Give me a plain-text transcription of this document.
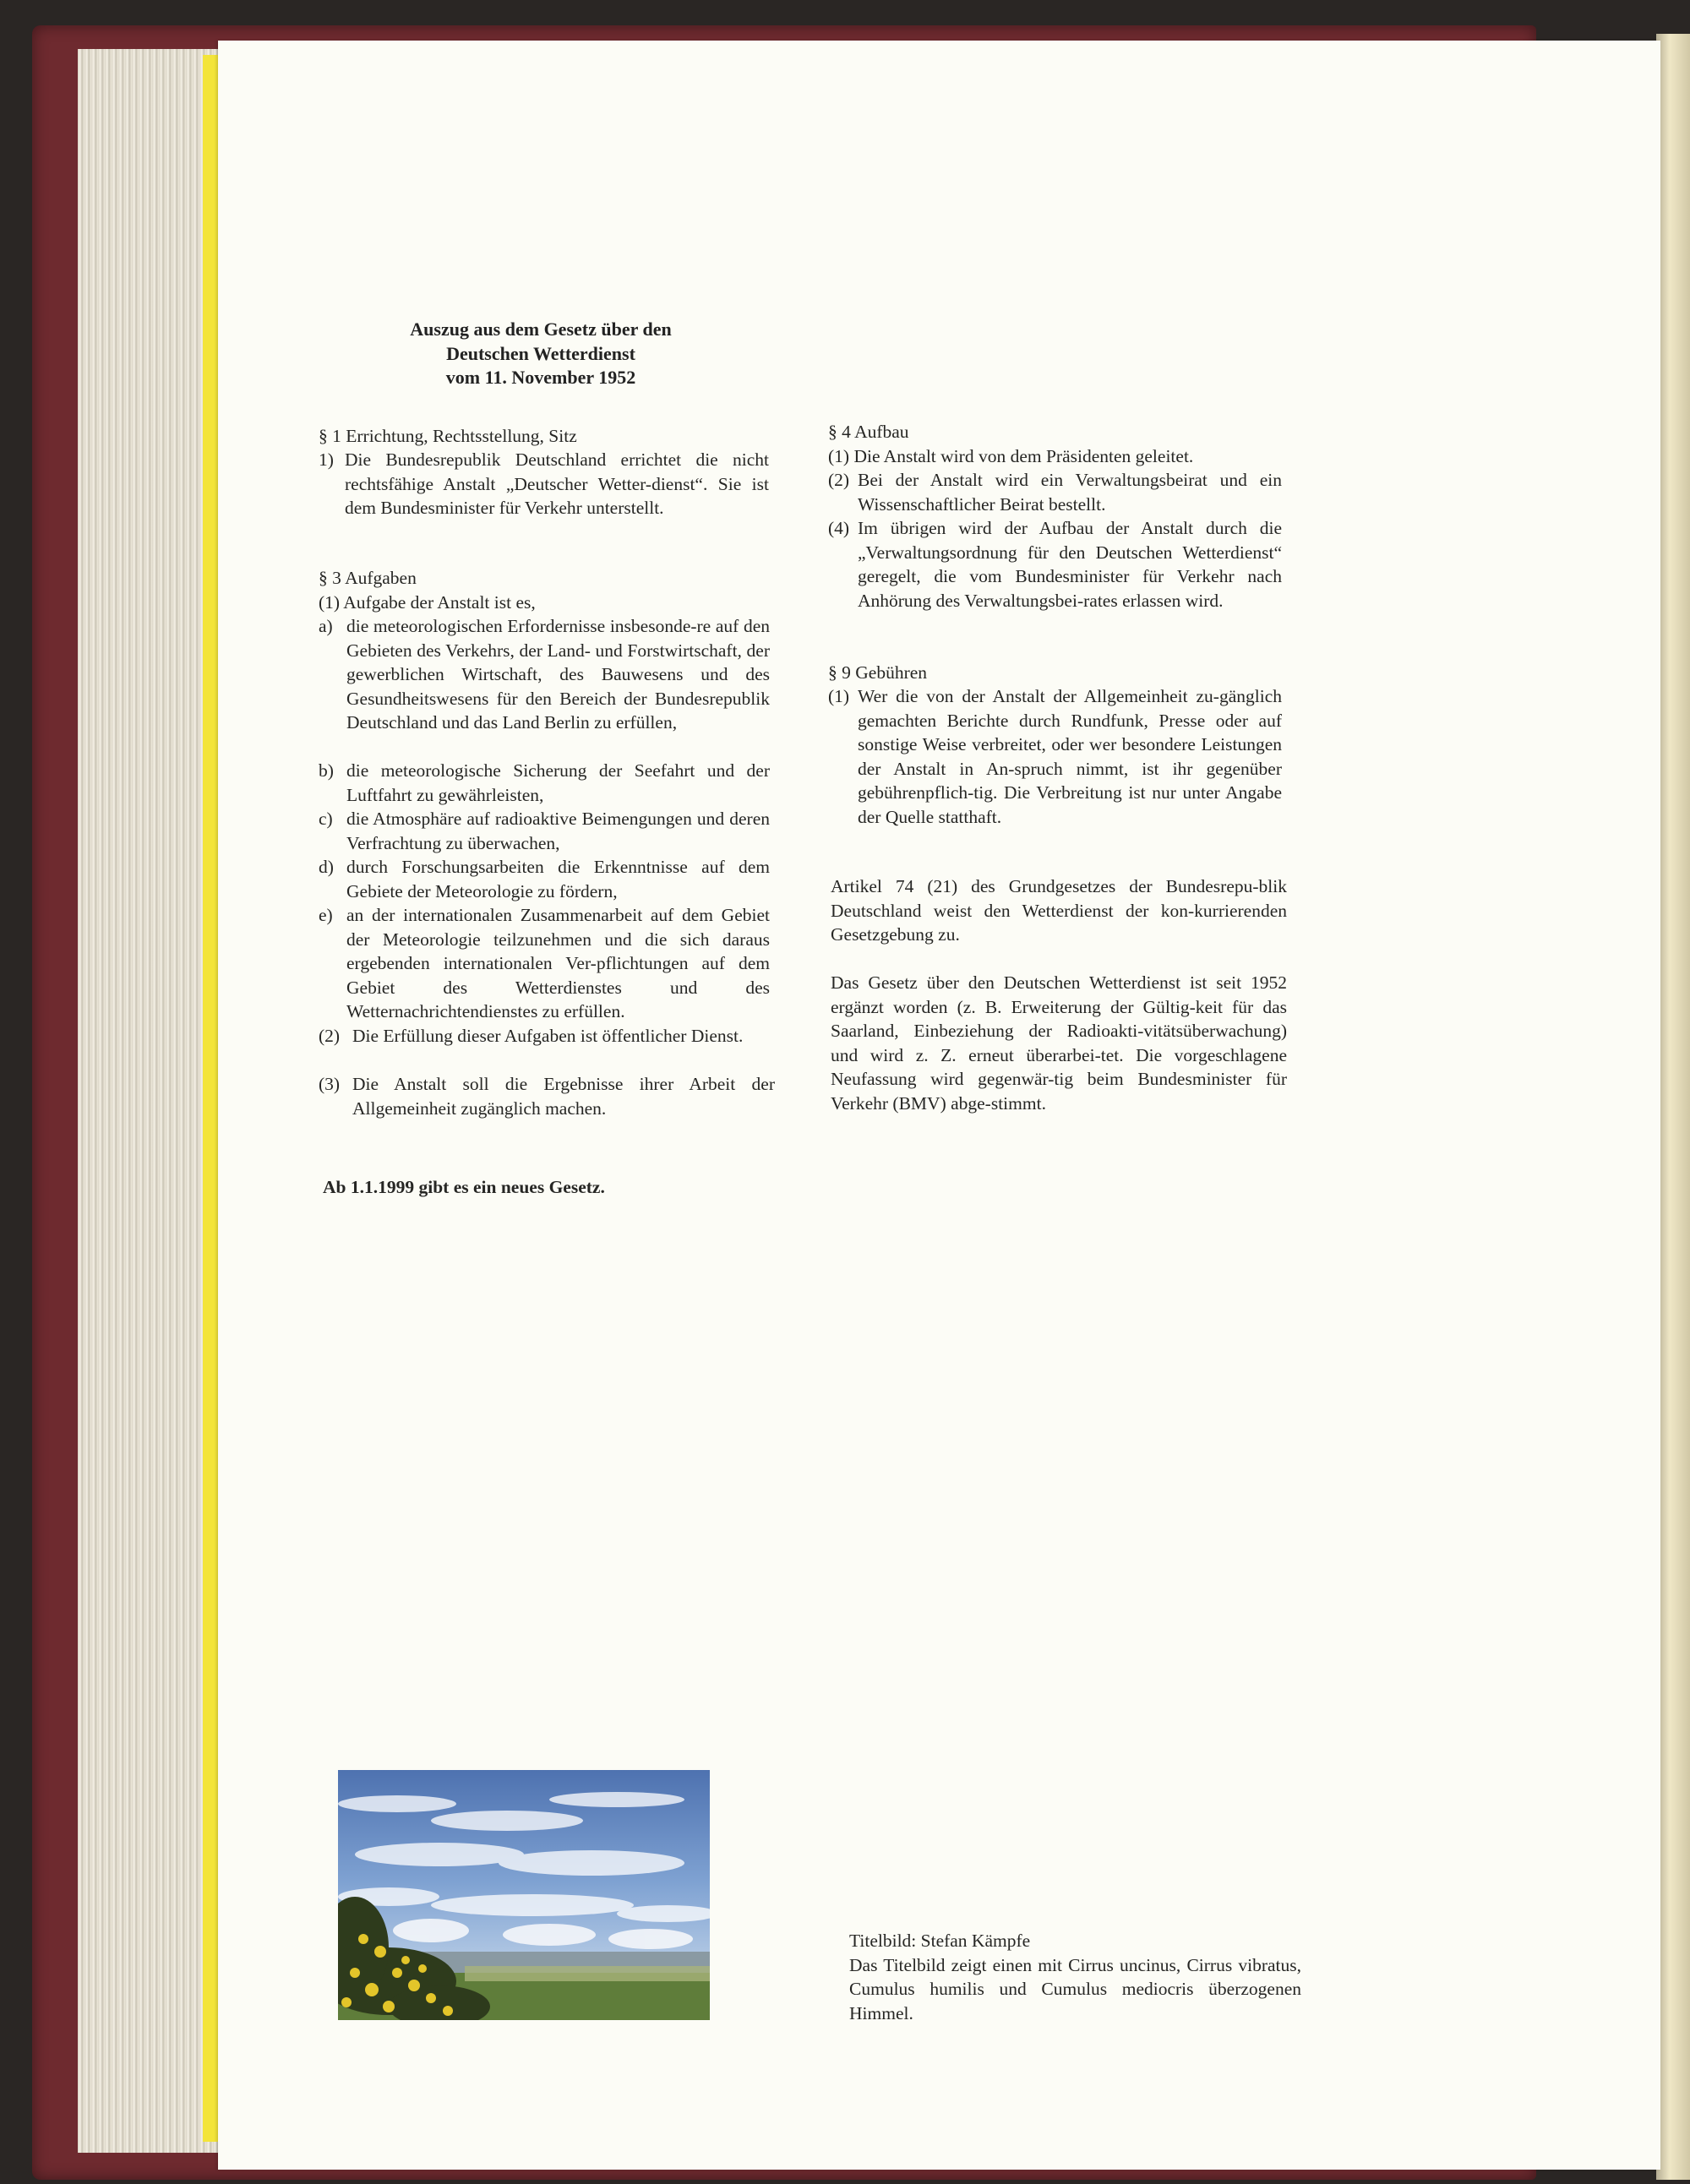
Auszug aus dem Gesetz über den
Deutschen Wetterdienst
vom 11. November 1952
§ 1 Errichtung, Rechtsstellung, Sitz
1) Die Bundesrepublik Deutschland errichtet die nicht rechtsfähige Anstalt „Deutscher Wetter-dienst“. Sie ist dem Bundesminister für Verkehr unterstellt.
§ 3 Aufgaben
(1) Aufgabe der Anstalt ist es,
a) die meteorologischen Erfordernisse insbesonde-re auf den Gebieten des Verkehrs, der Land- und Forstwirtschaft, der gewerblichen Wirtschaft, des Bauwesens und des Gesundheitswesens für den Bereich der Bundesrepublik Deutschland und das Land Berlin zu erfüllen,
b) die meteorologische Sicherung der Seefahrt und der Luftfahrt zu gewährleisten,
c) die Atmosphäre auf radioaktive Beimengungen und deren Verfrachtung zu überwachen,
d) durch Forschungsarbeiten die Erkenntnisse auf dem Gebiete der Meteorologie zu fördern,
e) an der internationalen Zusammenarbeit auf dem Gebiet der Meteorologie teilzunehmen und die sich daraus ergebenden internationalen Ver-pflichtungen auf dem Gebiet des Wetterdienstes und des Wetternachrichtendienstes zu erfüllen.
(2) Die Erfüllung dieser Aufgaben ist öffentlicher Dienst.
(3) Die Anstalt soll die Ergebnisse ihrer Arbeit der Allgemeinheit zugänglich machen.
Ab 1.1.1999 gibt es ein neues Gesetz.
§ 4 Aufbau
(1) Die Anstalt wird von dem Präsidenten geleitet.
(2) Bei der Anstalt wird ein Verwaltungsbeirat und ein Wissenschaftlicher Beirat bestellt.
(4) Im übrigen wird der Aufbau der Anstalt durch die „Verwaltungsordnung für den Deutschen Wetterdienst“ geregelt, die vom Bundesminister für Verkehr nach Anhörung des Verwaltungsbei-rates erlassen wird.
§ 9 Gebühren
(1) Wer die von der Anstalt der Allgemeinheit zu-gänglich gemachten Berichte durch Rundfunk, Presse oder auf sonstige Weise verbreitet, oder wer besondere Leistungen der Anstalt in An-spruch nimmt, ist ihr gegenüber gebührenpflich-tig. Die Verbreitung ist nur unter Angabe der Quelle statthaft.
Artikel 74 (21) des Grundgesetzes der Bundesrepu-blik Deutschland weist den Wetterdienst der kon-kurrierenden Gesetzgebung zu.
Das Gesetz über den Deutschen Wetterdienst ist seit 1952 ergänzt worden (z. B. Erweiterung der Gültig-keit für das Saarland, Einbeziehung der Radioakti-vitätsüberwachung) und wird z. Z. erneut überarbei-tet. Die vorgeschlagene Neufassung wird gegenwär-tig beim Bundesminister für Verkehr (BMV) abge-stimmt.
Titelbild: Stefan Kämpfe
Das Titelbild zeigt einen mit Cirrus uncinus, Cirrus vibratus, Cumulus humilis und Cumulus mediocris überzogenen Himmel.
